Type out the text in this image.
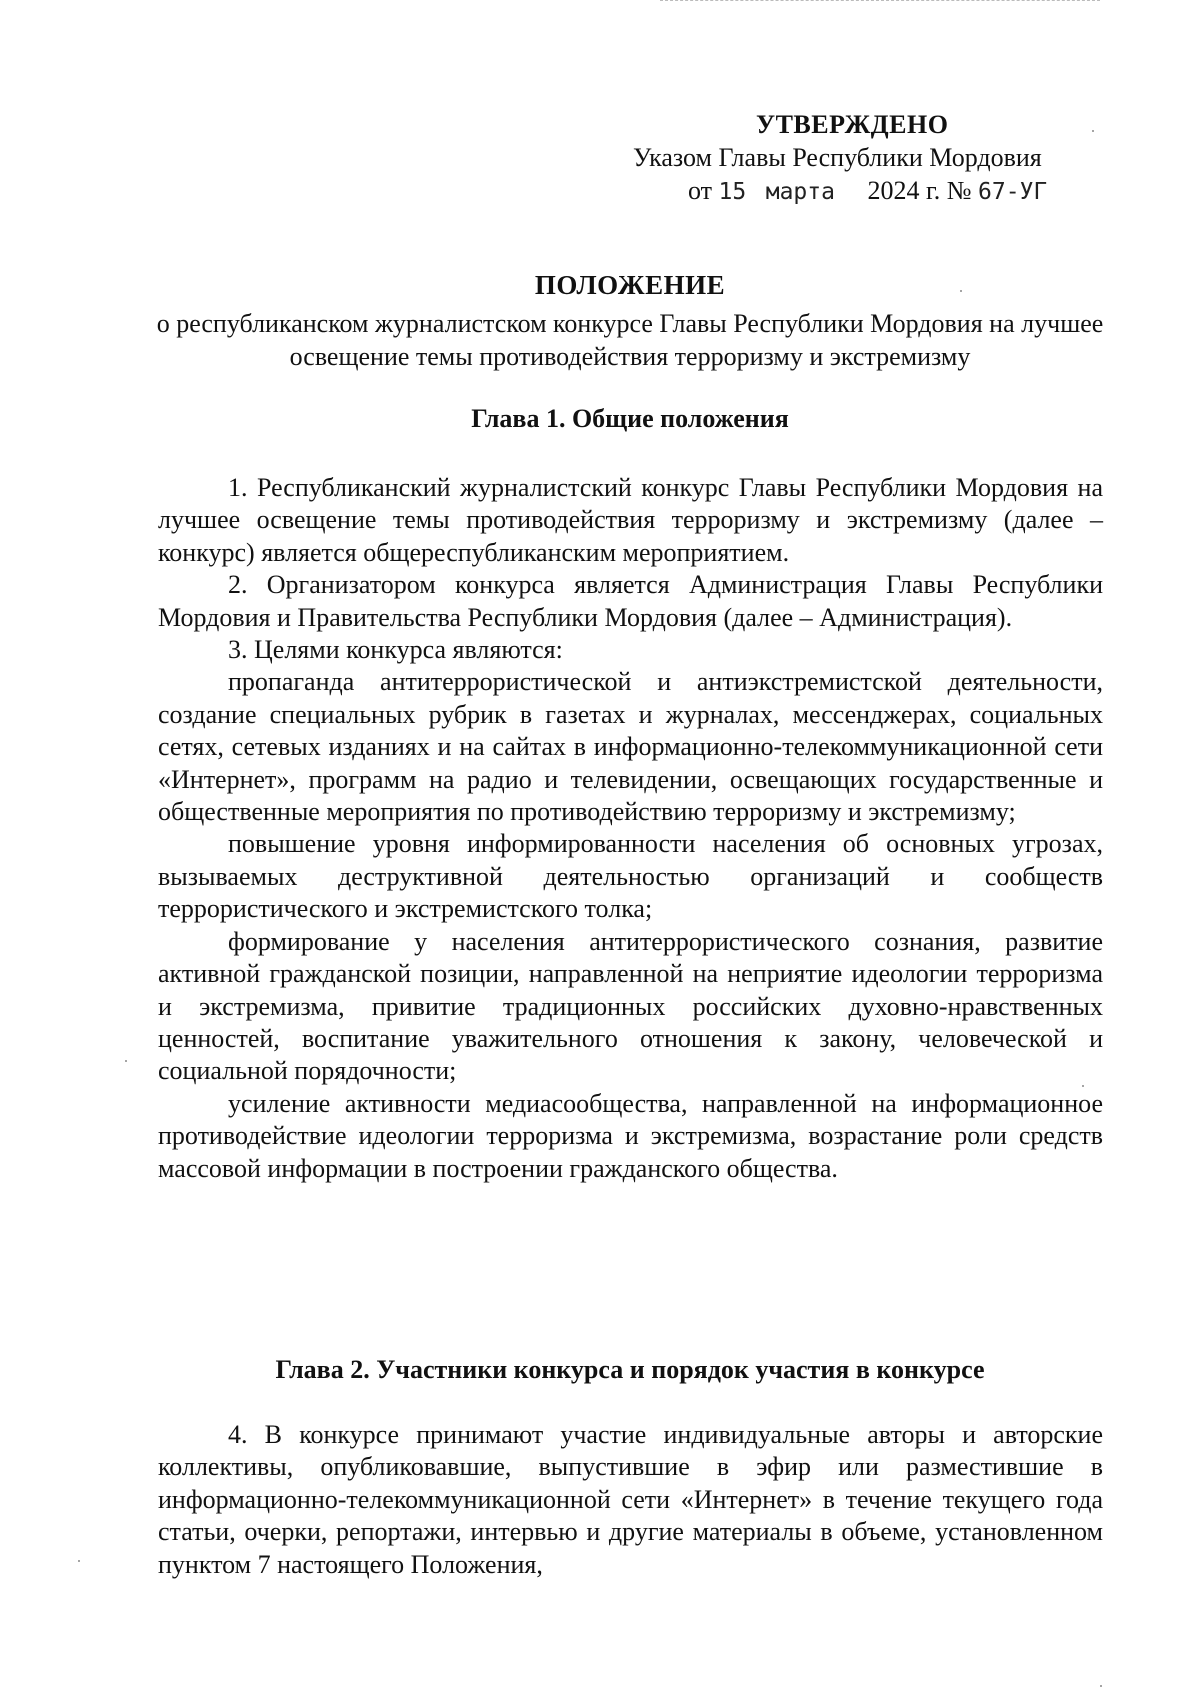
УТВЕРЖДЕНО
Указом Главы Республики Мордовия
от 15 марта 2024 г. № 67-УГ
ПОЛОЖЕНИЕ
о республиканском журналистском конкурсе Главы Республики Мордовия на лучшее освещение темы противодействия терроризму и экстремизму
Глава 1. Общие положения

1. Республиканский журналистский конкурс Главы Республики Мордовия на лучшее освещение темы противодействия терроризму и экстремизму (далее – конкурс) является общереспубликанским мероприятием.

2. Организатором конкурса является Администрация Главы Республики Мордовия и Правительства Республики Мордовия (далее – Администрация).

3. Целями конкурса являются:

пропаганда антитеррористической и антиэкстремистской деятельности, создание специальных рубрик в газетах и журналах, мессенджерах, социальных сетях, сетевых изданиях и на сайтах в информационно-телекоммуникационной сети «Интернет», программ на радио и телевидении, освещающих государственные и общественные мероприятия по противодействию терроризму и экстремизму;

повышение уровня информированности населения об основных угрозах, вызываемых деструктивной деятельностью организаций и сообществ террористического и экстремистского толка;

формирование у населения антитеррористического сознания, развитие активной гражданской позиции, направленной на неприятие идеологии терроризма и экстремизма, привитие традиционных российских духовно-нравственных ценностей, воспитание уважительного отношения к закону, человеческой и социальной порядочности;

усиление активности медиасообщества, направленной на информационное противодействие идеологии терроризма и экстремизма, возрастание роли средств массовой информации в построении гражданского общества.

Глава 2. Участники конкурса и порядок участия в конкурсе

4. В конкурсе принимают участие индивидуальные авторы и авторские коллективы, опубликовавшие, выпустившие в эфир или разместившие в информационно-телекоммуникационной сети «Интернет» в течение текущего года статьи, очерки, репортажи, интервью и другие материалы в объеме, установленном пунктом 7 настоящего Положения,
